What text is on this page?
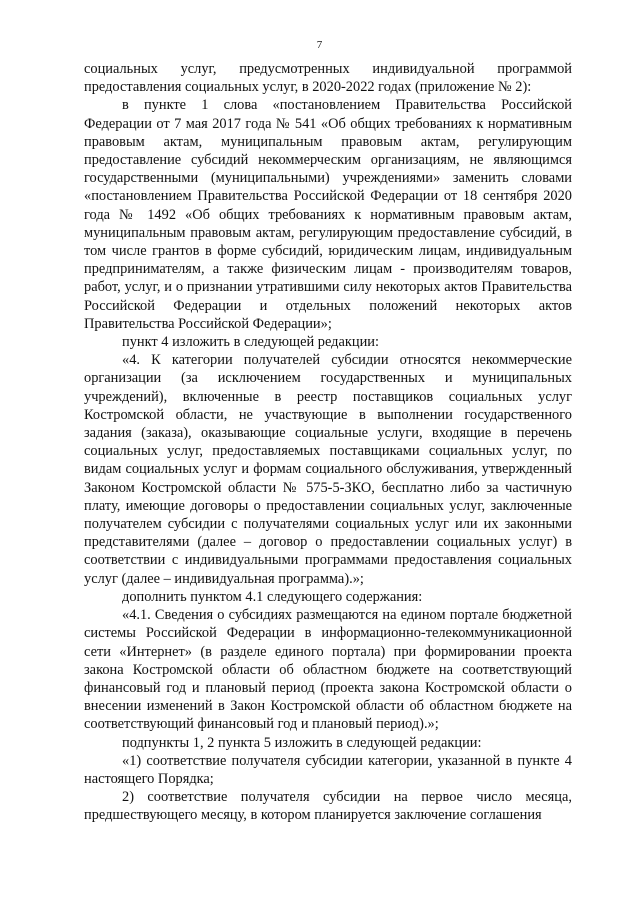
7

социальных услуг, предусмотренных индивидуальной программой предоставления социальных услуг, в 2020-2022 годах (приложение № 2):

в пункте 1 слова «постановлением Правительства Российской Федерации от 7 мая 2017 года № 541 «Об общих требованиях к нормативным правовым актам, муниципальным правовым актам, регулирующим предоставление субсидий некоммерческим организациям, не являющимся государственными (муниципальными) учреждениями» заменить словами «постановлением Правительства Российской Федерации от 18 сентября 2020 года № 1492 «Об общих требованиях к нормативным правовым актам, муниципальным правовым актам, регулирующим предоставление субсидий, в том числе грантов в форме субсидий, юридическим лицам, индивидуальным предпринимателям, а также физическим лицам - производителям товаров, работ, услуг, и о признании утратившими силу некоторых актов Правительства Российской Федерации и отдельных положений некоторых актов Правительства Российской Федерации»;

пункт 4 изложить в следующей редакции:

«4. К категории получателей субсидии относятся некоммерческие организации (за исключением государственных и муниципальных учреждений), включенные в реестр поставщиков социальных услуг Костромской области, не участвующие в выполнении государственного задания (заказа), оказывающие социальные услуги, входящие в перечень социальных услуг, предоставляемых поставщиками социальных услуг, по видам социальных услуг и формам социального обслуживания, утвержденный Законом Костромской области № 575-5-ЗКО, бесплатно либо за частичную плату, имеющие договоры о предоставлении социальных услуг, заключенные получателем субсидии с получателями социальных услуг или их законными представителями (далее – договор о предоставлении социальных услуг) в соответствии с индивидуальными программами предоставления социальных услуг (далее – индивидуальная программа).»;

дополнить пунктом 4.1 следующего содержания:

«4.1. Сведения о субсидиях размещаются на едином портале бюджетной системы Российской Федерации в информационно-телекоммуникационной сети «Интернет» (в разделе единого портала) при формировании проекта закона Костромской области об областном бюджете на соответствующий финансовый год и плановый период (проекта закона Костромской области о внесении изменений в Закон Костромской области об областном бюджете на соответствующий финансовый год и плановый период).»;

подпункты 1, 2 пункта 5 изложить в следующей редакции:

«1) соответствие получателя субсидии категории, указанной в пункте 4 настоящего Порядка;

2) соответствие получателя субсидии на первое число месяца, предшествующего месяцу, в котором планируется заключение соглашения
